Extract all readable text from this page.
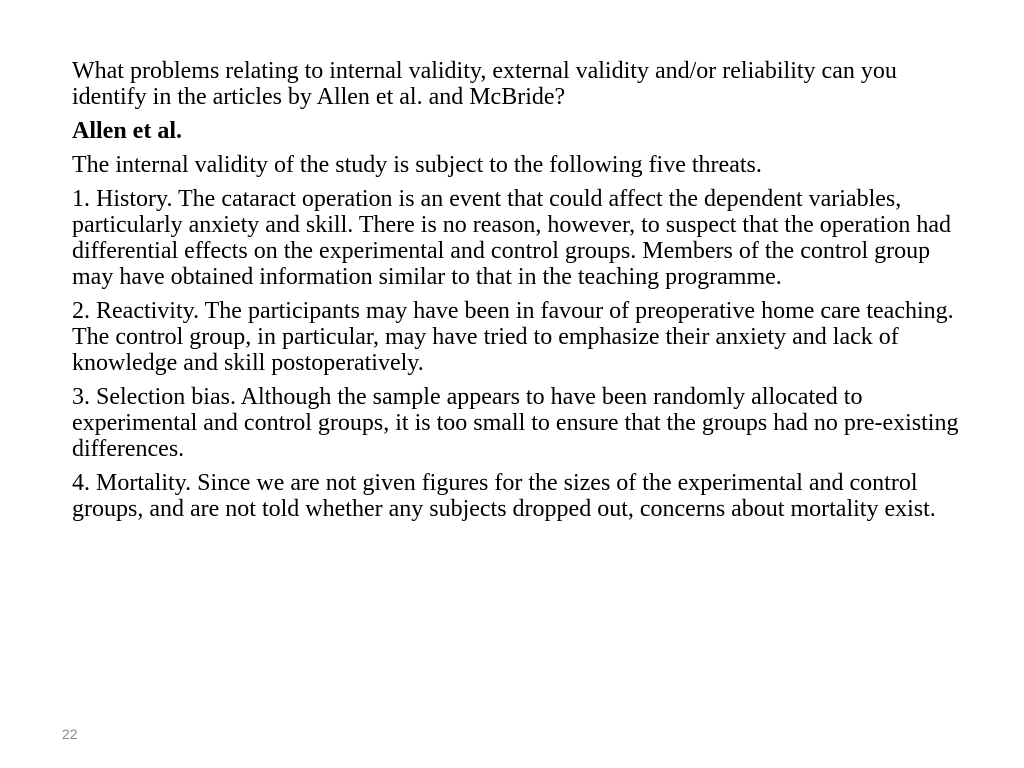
What problems relating to internal validity, external validity and/or reliability can you identify in the articles by Allen et al. and McBride?

Allen et al.

The internal validity of the study is subject to the following five threats.

1. History. The cataract operation is an event that could affect the dependent variables, particularly anxiety and skill. There is no reason, however, to suspect that the operation had differential effects on the experimental and control groups. Members of the control group may have obtained information similar to that in the teaching programme.

2. Reactivity. The participants may have been in favour of preoperative home care teaching. The control group, in particular, may have tried to emphasize their anxiety and lack of knowledge and skill postoperatively.

3. Selection bias. Although the sample appears to have been randomly allocated to experimental and control groups, it is too small to ensure that the groups had no pre-existing differences.

4. Mortality. Since we are not given figures for the sizes of the experimental and control groups, and are not told whether any subjects dropped out, concerns about mortality exist.

22
